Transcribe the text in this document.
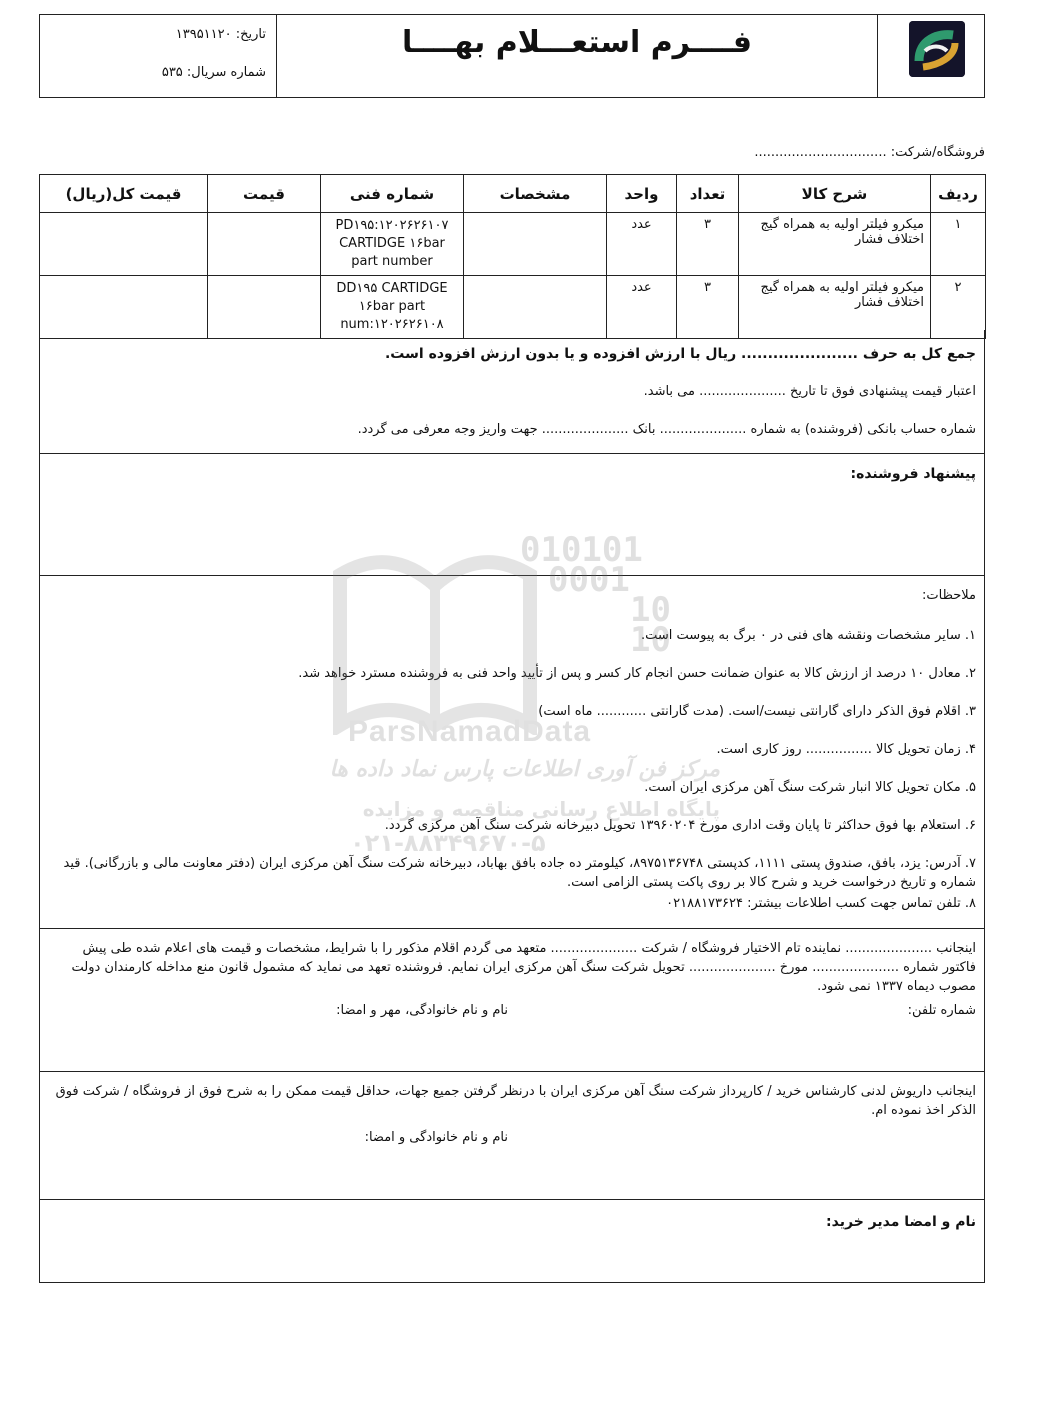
تاریخ: ۱۳۹۵۱۱۲۰
شماره سریال: ۵۳۵
فــــرم استعـــلام بهــــا
فروشگاه/شرکت: ................................
ردیف	شرح کالا	تعداد	واحد	مشخصات	شماره فنی	قیمت	قیمت کل(ریال)
۱	میکرو فیلتر اولیه به همراه گیج اختلاف فشار	۳	عدد		PD۱۹۵:۱۲۰۲۶۲۶۱۰۷ CARTIDGE ۱۶bar part number		
۲	میکرو فیلتر اولیه به همراه گیج اختلاف فشار	۳	عدد		DD۱۹۵ CARTIDGE ۱۶bar part num:۱۲۰۲۶۲۶۱۰۸		
جمع کل به حرف ...................... ریال با ارزش افزوده و یا بدون ارزش افزوده است.
اعتبار قیمت پیشنهادی فوق تا تاریخ ..................... می باشد.
شماره حساب بانکی (فروشنده) به شماره ..................... بانک ..................... جهت واریز وجه معرفی می گردد.
پیشنهاد فروشنده:
ملاحظات:
۱. سایر مشخصات ونقشه های فنی در ۰ برگ به پیوست است.
۲. معادل ۱۰ درصد از ارزش کالا به عنوان ضمانت حسن انجام کار کسر و پس از تأیید واحد فنی به فروشنده مسترد خواهد شد.
۳. اقلام فوق الذکر دارای گارانتی نیست/است. (مدت گارانتی ............ ماه است)
۴. زمان تحویل کالا ................ روز کاری است.
۵. مکان تحویل کالا انبار شرکت سنگ آهن مرکزی ایران است.
۶. استعلام بها فوق حداکثر تا پایان وقت اداری مورخ ۱۳۹۶۰۲۰۴ تحویل دبیرخانه شرکت سنگ آهن مرکزی گردد.
۷. آدرس: یزد، بافق، صندوق پستی ۱۱۱۱، کدپستی ۸۹۷۵۱۳۶۷۴۸، کیلومتر ده جاده بافق بهاباد، دبیرخانه شرکت سنگ آهن مرکزی ایران (دفتر معاونت مالی و بازرگانی). قید شماره و تاریخ درخواست خرید و شرح کالا بر روی پاکت پستی الزامی است.
۸. تلفن تماس جهت کسب اطلاعات بیشتر: ۰۲۱۸۸۱۷۳۶۲۴
اینجانب ..................... نماینده تام الاختیار فروشگاه / شرکت ..................... متعهد می گردم اقلام مذکور را با شرایط، مشخصات و قیمت های اعلام شده طی پیش فاکتور شماره ..................... مورخ ..................... تحویل شرکت سنگ آهن مرکزی ایران نمایم. فروشنده تعهد می نماید که مشمول قانون منع مداخله کارمندان دولت مصوب دیماه ۱۳۳۷ نمی شود.
شماره تلفن:
نام و نام خانوادگی، مهر و امضا:
اینجانب داریوش لدنی کارشناس خرید / کارپرداز شرکت سنگ آهن مرکزی ایران با درنظر گرفتن جمیع جهات، حداقل قیمت ممکن را به شرح فوق از فروشگاه / شرکت فوق الذکر اخذ نموده ام.
نام و نام خانوادگی و امضا:
نام و امضا مدیر خرید:
010101
0001
10
10
ParsNamadData
مرکز فن آوری اطلاعات پارس نماد داده ها
پایگاه اطلاع رسانی مناقصه و مزایده
۰۲۱-۸۸۳۴۹۶۷۰-۵
